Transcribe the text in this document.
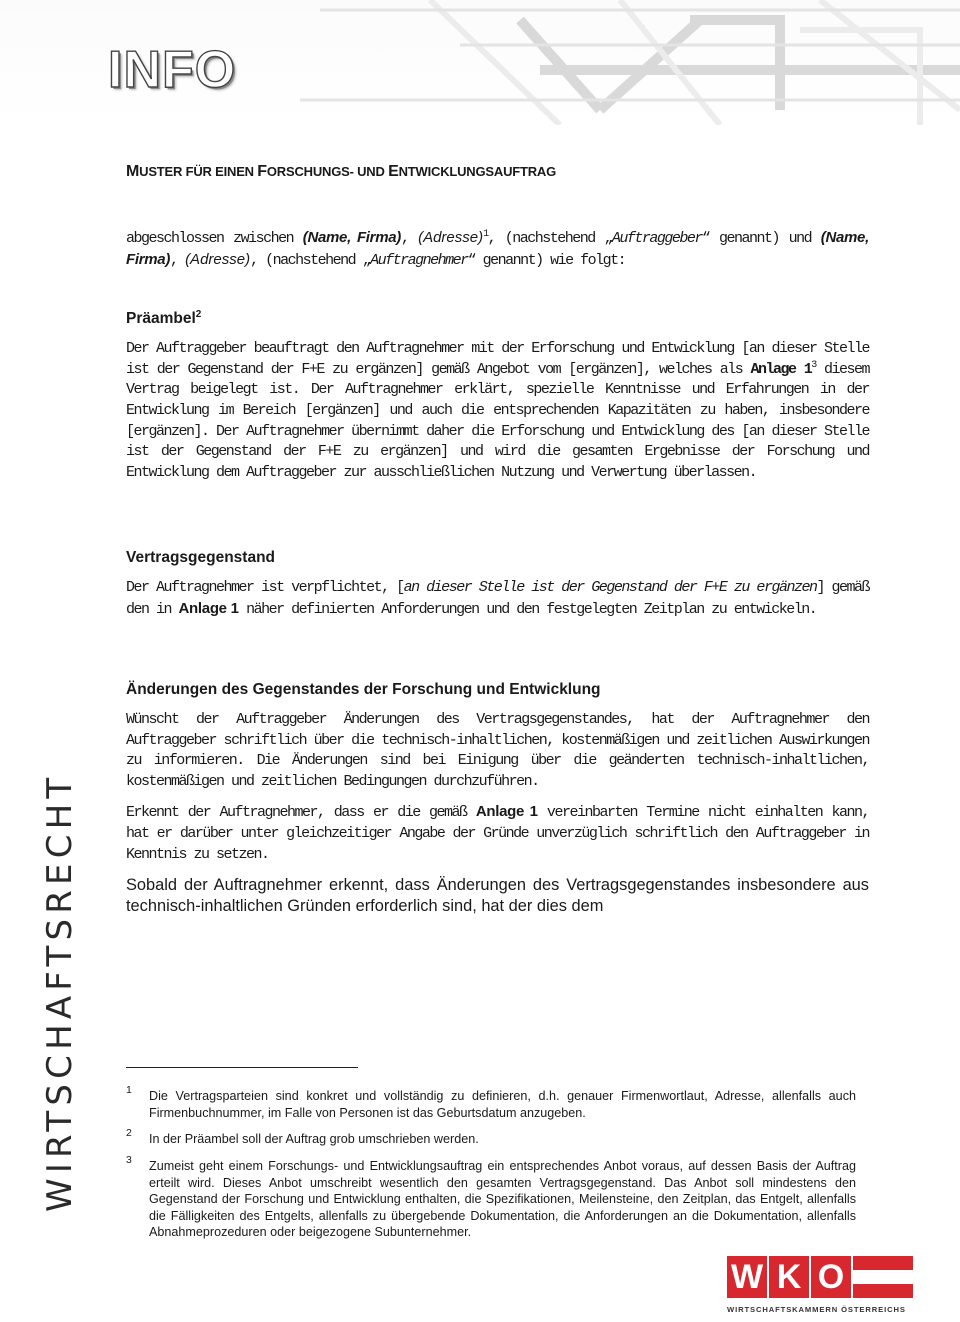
INFO
MUSTER FÜR EINEN FORSCHUNGS- UND ENTWICKLUNGSAUFTRAG

abgeschlossen zwischen (Name, Firma), (Adresse)$^1$, (nachstehend „Auftraggeber“ genannt) und (Name, Firma), (Adresse), (nachstehend „Auftragnehmer“ genannt) wie folgt:

Präambel$^2$

Der Auftraggeber beauftragt den Auftragnehmer mit der Erforschung und Entwicklung [an dieser Stelle ist der Gegenstand der F+E zu ergänzen] gemäß Angebot vom [ergänzen], welches als Anlage 1$^3$ diesem Vertrag beigelegt ist. Der Auftragnehmer erklärt, spezielle Kenntnisse und Erfahrungen in der Entwicklung im Bereich [ergänzen] und auch die entsprechenden Kapazitäten zu haben, insbesondere [ergänzen]. Der Auftragnehmer übernimmt daher die Erforschung und Entwicklung des [an dieser Stelle ist der Gegenstand der F+E zu ergänzen] und wird die gesamten Ergebnisse der Forschung und Entwicklung dem Auftraggeber zur ausschließlichen Nutzung und Verwertung überlassen.

Vertragsgegenstand

Der Auftragnehmer ist verpflichtet, [an dieser Stelle ist der Gegenstand der F+E zu ergänzen] gemäß den in Anlage 1 näher definierten Anforderungen und den festgelegten Zeitplan zu entwickeln.

Änderungen des Gegenstandes der Forschung und Entwicklung

Wünscht der Auftraggeber Änderungen des Vertragsgegenstandes, hat der Auftragnehmer den Auftraggeber schriftlich über die technisch-inhaltlichen, kostenmäßigen und zeitlichen Auswirkungen zu informieren. Die Änderungen sind bei Einigung über die geänderten technisch-inhaltlichen, kostenmäßigen und zeitlichen Bedingungen durchzuführen.

Erkennt der Auftragnehmer, dass er die gemäß Anlage 1 vereinbarten Termine nicht einhalten kann, hat er darüber unter gleichzeitiger Angabe der Gründe unverzüglich schriftlich den Auftraggeber in Kenntnis zu setzen.

Sobald der Auftragnehmer erkennt, dass Änderungen des Vertragsgegenstandes insbesondere aus technisch-inhaltlichen Gründen erforderlich sind, hat der dies dem

1 Die Vertragsparteien sind konkret und vollständig zu definieren, d.h. genauer Firmenwortlaut, Adresse, allenfalls auch Firmenbuchnummer, im Falle von Personen ist das Geburtsdatum anzugeben.
2 In der Präambel soll der Auftrag grob umschrieben werden.
3 Zumeist geht einem Forschungs- und Entwicklungsauftrag ein entsprechendes Anbot voraus, auf dessen Basis der Auftrag erteilt wird. Dieses Anbot umschreibt wesentlich den gesamten Vertragsgegenstand. Das Anbot soll mindestens den Gegenstand der Forschung und Entwicklung enthalten, die Spezifikationen, Meilensteine, den Zeitplan, das Entgelt, allenfalls die Fälligkeiten des Entgelts, allenfalls zu übergebende Dokumentation, die Anforderungen an die Dokumentation, allenfalls Abnahmeprozeduren oder beigezogene Subunternehmer.
WIRTSCHAFTSRECHT
W K O
WIRTSCHAFTSKAMMERN ÖSTERREICHS
